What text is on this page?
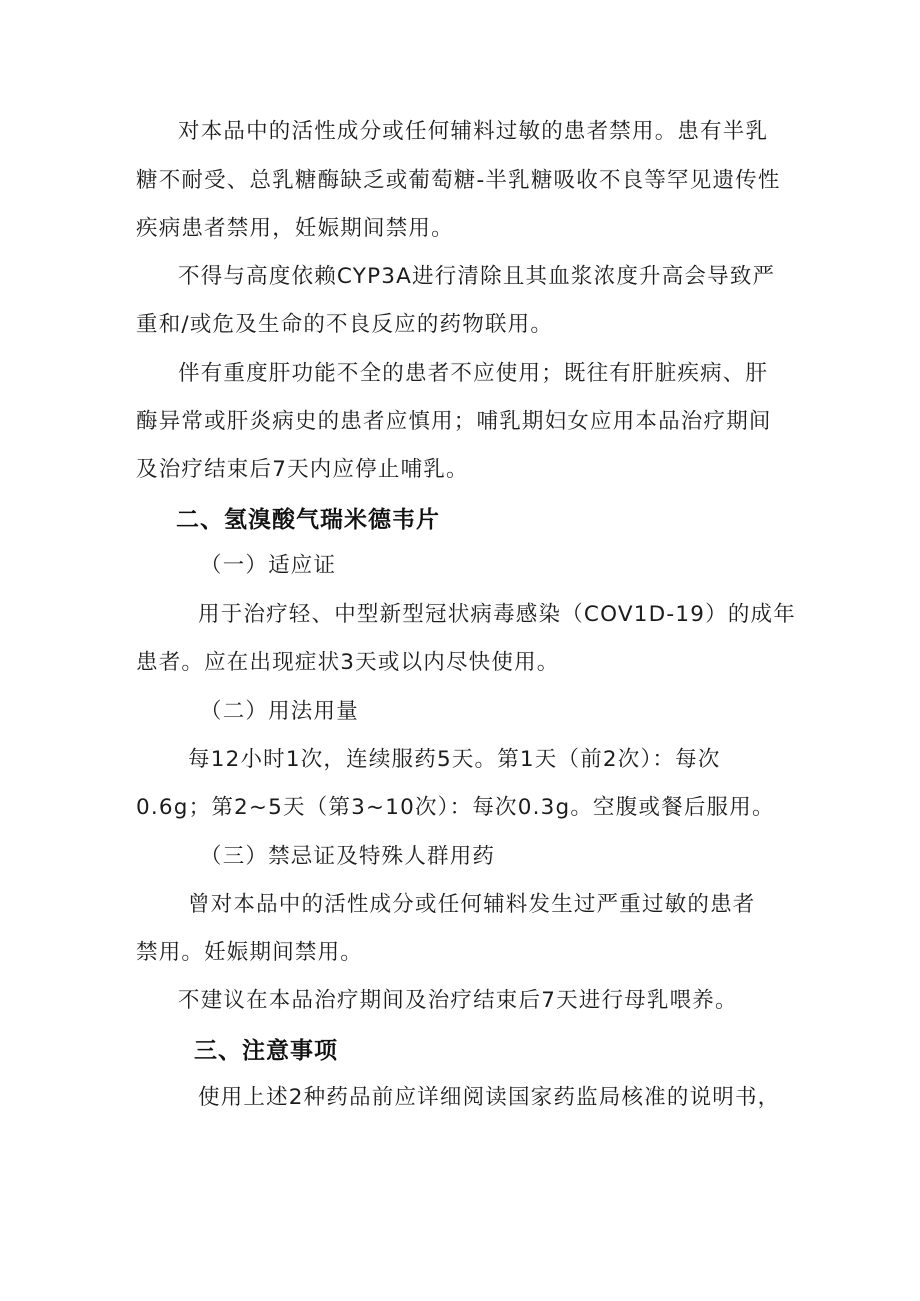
对本品中的活性成分或任何辅料过敏的患者禁用。患有半乳
糖不耐受、总乳糖酶缺乏或葡萄糖-半乳糖吸收不良等罕见遗传性
疾病患者禁用，妊娠期间禁用。
不得与高度依赖CYP3A进行清除且其血浆浓度升高会导致严
重和/或危及生命的不良反应的药物联用。
伴有重度肝功能不全的患者不应使用；既往有肝脏疾病、肝
酶异常或肝炎病史的患者应慎用；哺乳期妇女应用本品治疗期间
及治疗结束后7天内应停止哺乳。
二、氢溴酸气瑞米德韦片
（一）适应证
用于治疗轻、中型新型冠状病毒感染（COV1D-19）的成年
患者。应在出现症状3天或以内尽快使用。
（二）用法用量
每12小时1次，连续服药5天。第1天（前2次）：每次
0.6g；第2~5天（第3~10次）：每次0.3g。空腹或餐后服用。
（三）禁忌证及特殊人群用药
曾对本品中的活性成分或任何辅料发生过严重过敏的患者
禁用。妊娠期间禁用。
不建议在本品治疗期间及治疗结束后7天进行母乳喂养。
三、注意事项
使用上述2种药品前应详细阅读国家药监局核准的说明书，
